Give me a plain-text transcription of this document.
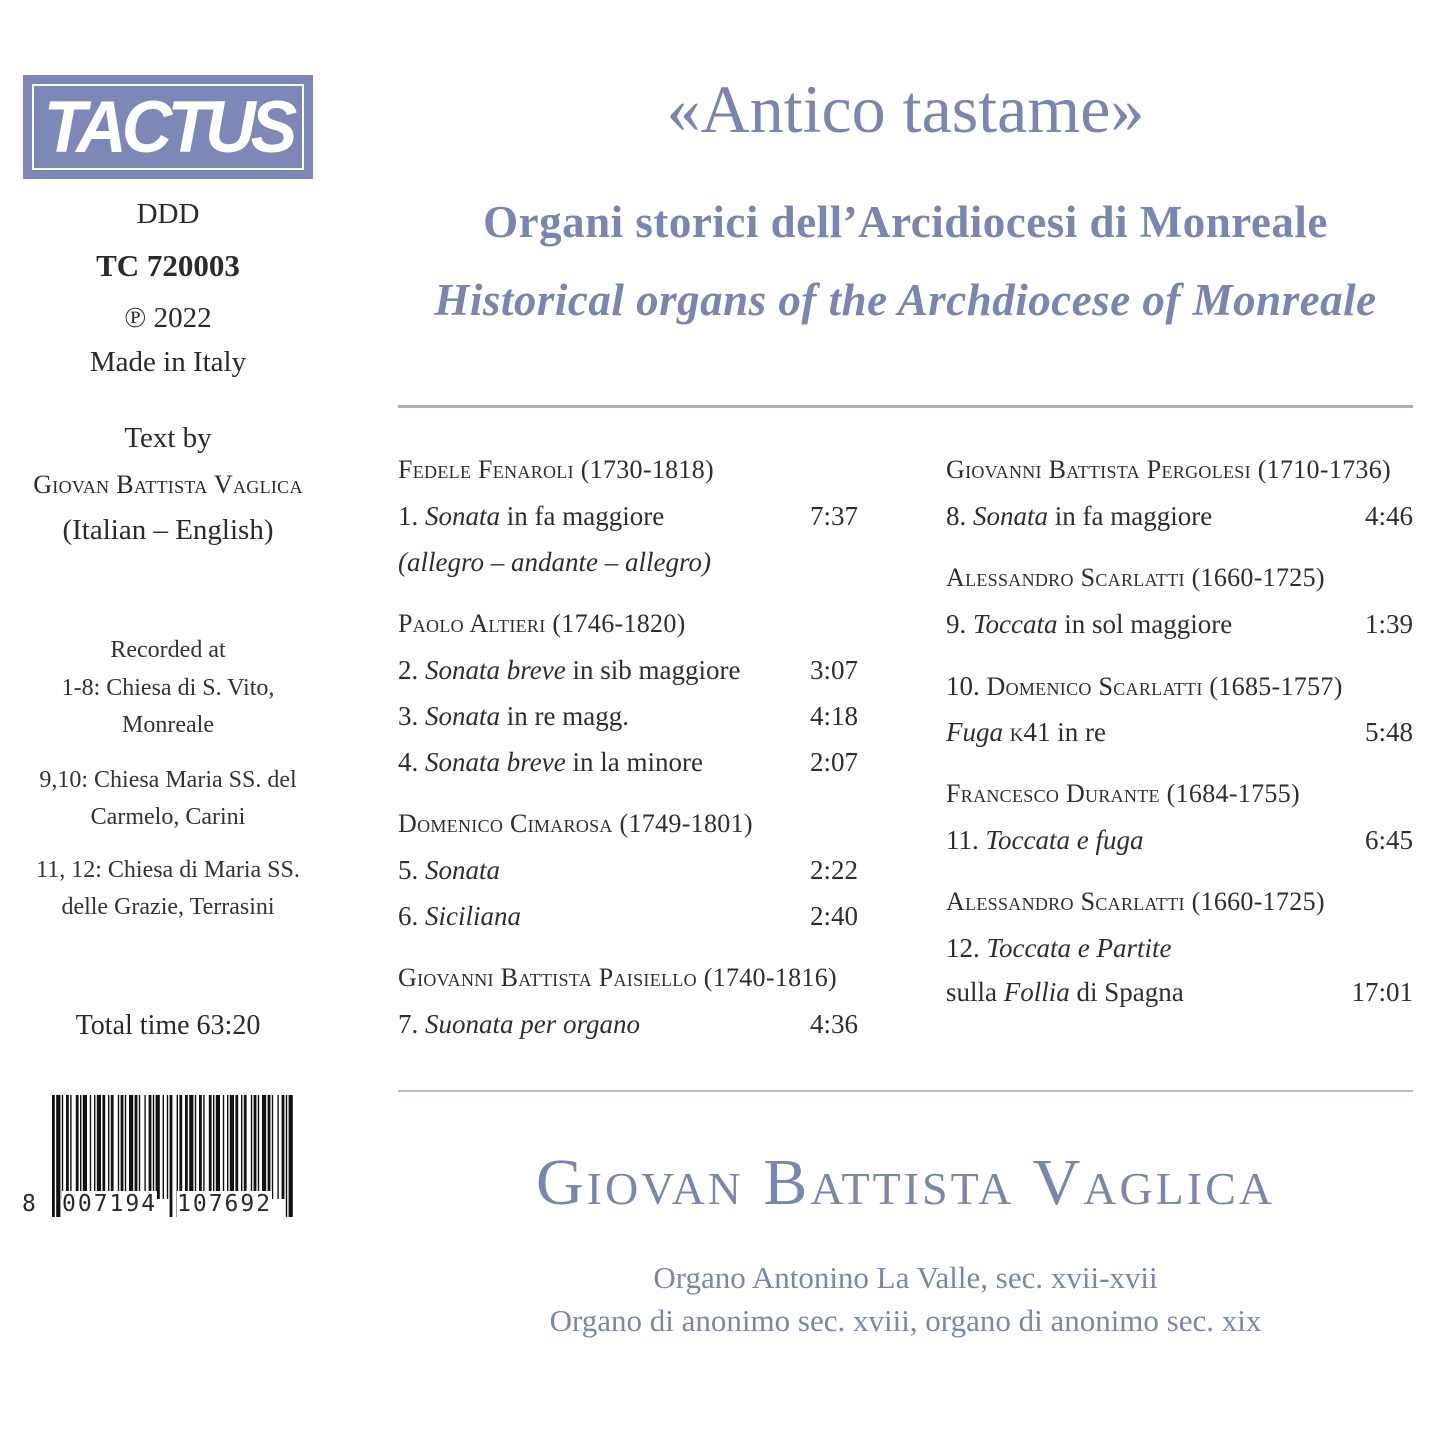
TACTUS
DDD
TC 720003
℗ 2022
Made in Italy
Text by
Giovan Battista Vaglica
(Italian – English)
Recorded at
1-8: Chiesa di S. Vito,
Monreale
9,10: Chiesa Maria SS. del
Carmelo, Carini
11, 12: Chiesa di Maria SS.
delle Grazie, Terrasini
Total time 63:20
8 007194 107692
«Antico tastame»
Organi storici dell’Arcidiocesi di Monreale
Historical organs of the Archdiocese of Monreale
Fedele Fenaroli (1730-1818)
1. Sonata in fa maggiore	7:37
(allegro – andante – allegro)
Paolo Altieri (1746-1820)
2. Sonata breve in sib maggiore	3:07
3. Sonata in re magg.	4:18
4. Sonata breve in la minore	2:07
Domenico Cimarosa (1749-1801)
5. Sonata	2:22
6. Siciliana	2:40
Giovanni Battista Paisiello (1740-1816)
7. Suonata per organo	4:36
Giovanni Battista Pergolesi (1710-1736)
8. Sonata in fa maggiore	4:46
Alessandro Scarlatti (1660-1725)
9. Toccata in sol maggiore	1:39
10. Domenico Scarlatti (1685-1757)
Fuga k41 in re	5:48
Francesco Durante (1684-1755)
11. Toccata e fuga	6:45
Alessandro Scarlatti (1660-1725)
12. Toccata e Partite
sulla Follia di Spagna	17:01
Giovan Battista Vaglica
Organo Antonino La Valle, sec. xvii-xvii
Organo di anonimo sec. xviii, organo di anonimo sec. xix
